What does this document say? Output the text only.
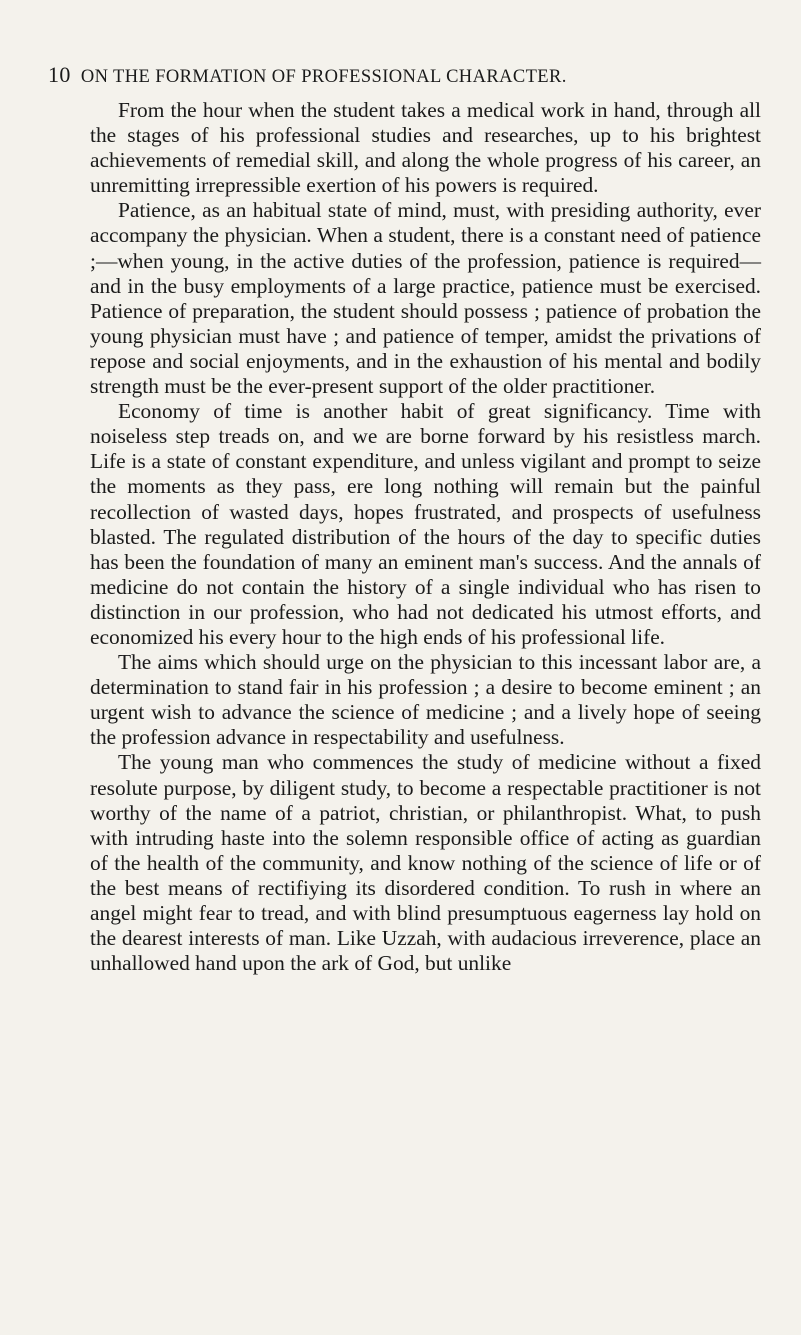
10 ON THE FORMATION OF PROFESSIONAL CHARACTER.

From the hour when the student takes a medical work in hand, through all the stages of his professional studies and researches, up to his brightest achievements of remedial skill, and along the whole progress of his career, an unremitting irrepressible exertion of his powers is required.

Patience, as an habitual state of mind, must, with presiding authority, ever accompany the physician. When a student, there is a constant need of patience ;—when young, in the active duties of the profession, patience is required—and in the busy employments of a large practice, patience must be exercised. Patience of preparation, the student should possess ; patience of probation the young physician must have ; and patience of temper, amidst the privations of repose and social enjoyments, and in the exhaustion of his mental and bodily strength must be the ever-present support of the older practitioner.

Economy of time is another habit of great significancy. Time with noiseless step treads on, and we are borne forward by his resistless march. Life is a state of constant expenditure, and unless vigilant and prompt to seize the moments as they pass, ere long nothing will remain but the painful recollection of wasted days, hopes frustrated, and prospects of usefulness blasted. The regulated distribution of the hours of the day to specific duties has been the foundation of many an eminent man's success. And the annals of medicine do not contain the history of a single individual who has risen to distinction in our profession, who had not dedicated his utmost efforts, and economized his every hour to the high ends of his professional life.

The aims which should urge on the physician to this incessant labor are, a determination to stand fair in his profession ; a desire to become eminent ; an urgent wish to advance the science of medicine ; and a lively hope of seeing the profession advance in respectability and usefulness.

The young man who commences the study of medicine without a fixed resolute purpose, by diligent study, to become a respectable practitioner is not worthy of the name of a patriot, christian, or philanthropist. What, to push with intruding haste into the solemn responsible office of acting as guardian of the health of the community, and know nothing of the science of life or of the best means of rectifiying its disordered condition. To rush in where an angel might fear to tread, and with blind presumptuous eagerness lay hold on the dearest interests of man. Like Uzzah, with audacious irreverence, place an unhallowed hand upon the ark of God, but unlike
